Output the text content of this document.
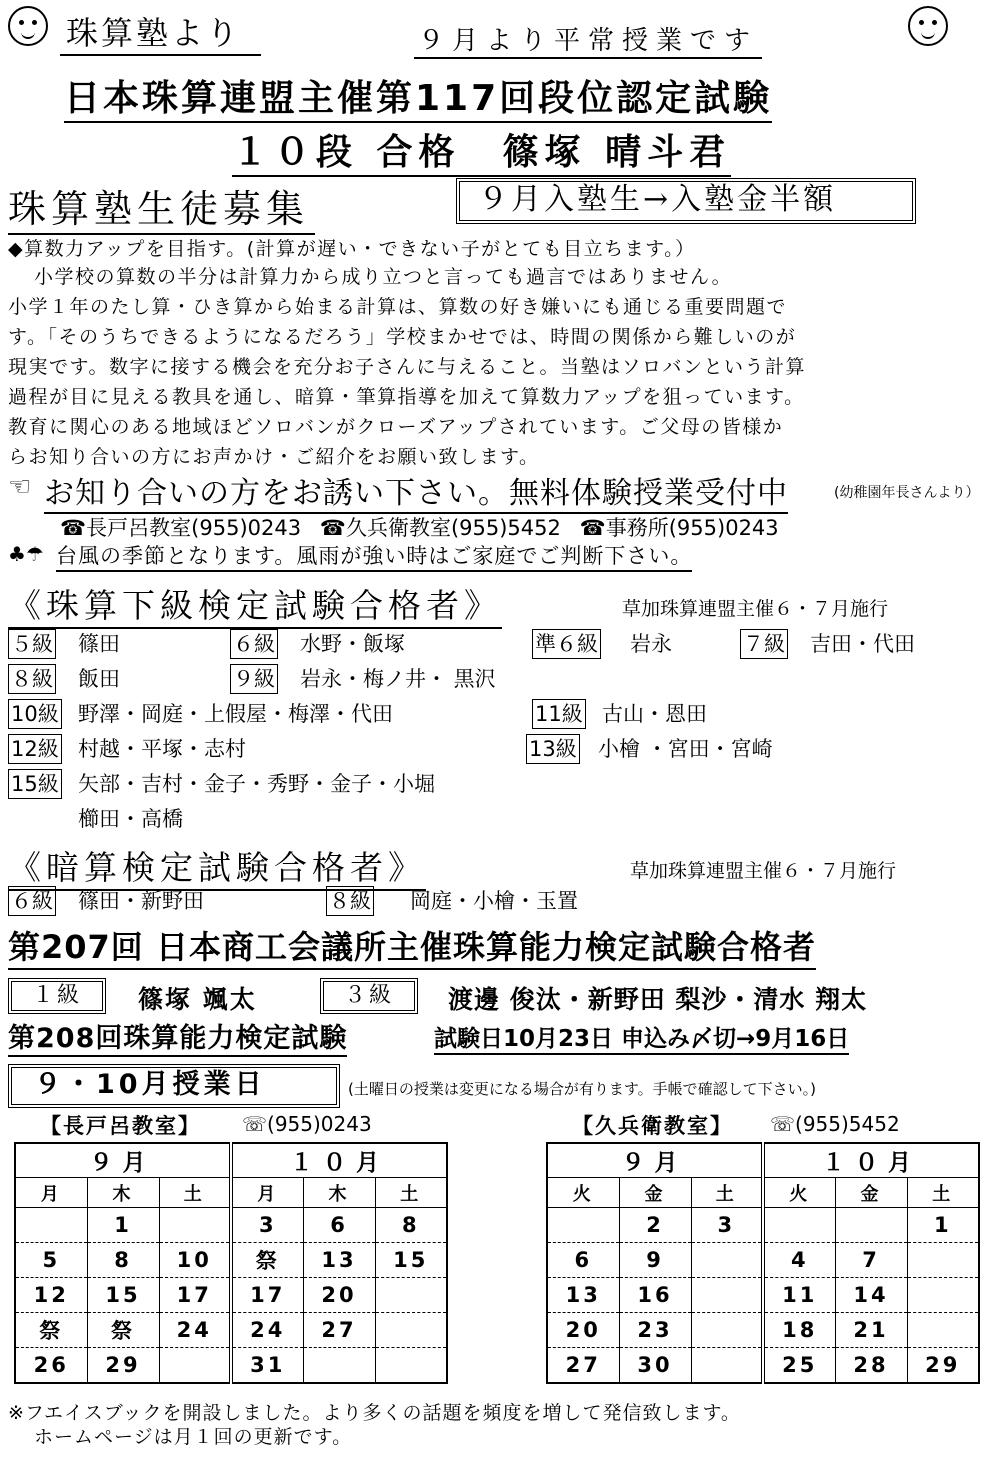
珠算塾より	９月より平常授業です
日本珠算連盟主催第117回段位認定試験
１０段 合格　篠塚 晴斗君
珠算塾生徒募集	９月入塾生→入塾金半額
◆算数力アップを目指す。(計算が遅い・できない子がとても目立ちます。）
小学校の算数の半分は計算力から成り立つと言っても過言ではありません。
小学１年のたし算・ひき算から始まる計算は、算数の好き嫌いにも通じる重要問題で
す。「そのうちできるようになるだろう」学校まかせでは、時間の関係から難しいのが
現実です。数字に接する機会を充分お子さんに与えること。当塾はソロバンという計算
過程が目に見える教具を通し、暗算・筆算指導を加えて算数力アップを狙っています。
教育に関心のある地域ほどソロバンがクローズアップされています。ご父母の皆様か
らお知り合いの方にお声かけ・ご紹介をお願い致します。
☜ お知り合いの方をお誘い下さい。無料体験授業受付中	(幼稚園年長さんより）
☎長戸呂教室(955)0243 ☎久兵衛教室(955)5452 ☎事務所(955)0243
♣☂ 台風の季節となります。風雨が強い時はご家庭でご判断下さい。
《珠算下級検定試験合格者》	草加珠算連盟主催６・７月施行
５級 篠田	６級 水野・飯塚	準６級 岩永	７級 吉田・代田
８級 飯田	９級 岩永・梅ノ井・ 黒沢
10級 野澤・岡庭・上假屋・梅澤・代田	11級 古山・恩田
12級 村越・平塚・志村	13級 小檜 ・宮田・宮崎
15級 矢部・吉村・金子・秀野・金子・小堀
櫛田・高橋
《暗算検定試験合格者》	草加珠算連盟主催６・７月施行
６級 篠田・新野田	８級 岡庭・小檜・玉置
第207回 日本商工会議所主催珠算能力検定試験合格者
１級	篠塚 颯太	３級	渡邊 俊汰・新野田 梨沙・清水 翔太
第208回珠算能力検定試験	試験日10月23日 申込み〆切→9月16日
９・10月授業日	(土曜日の授業は変更になる場合が有ります。手帳で確認して下さい。)
【長戸呂教室】 ☏(955)0243	【久兵衛教室】 ☏(955)5452
９月			１０月		
月	木	土	月	木	土
	1		3	6	8
5	8	10	祭	13	15
12	15	17	17	20	
祭	祭	24	24	27	
26	29		31		
９月			１０月		
火	金	土	火	金	土
	2	3			1
6	9		4	7	
13	16		11	14	
20	23		18	21	
27	30		25	28	29
※フエイスブックを開設しました。より多くの話題を頻度を増して発信致します。
ホームページは月１回の更新です。
